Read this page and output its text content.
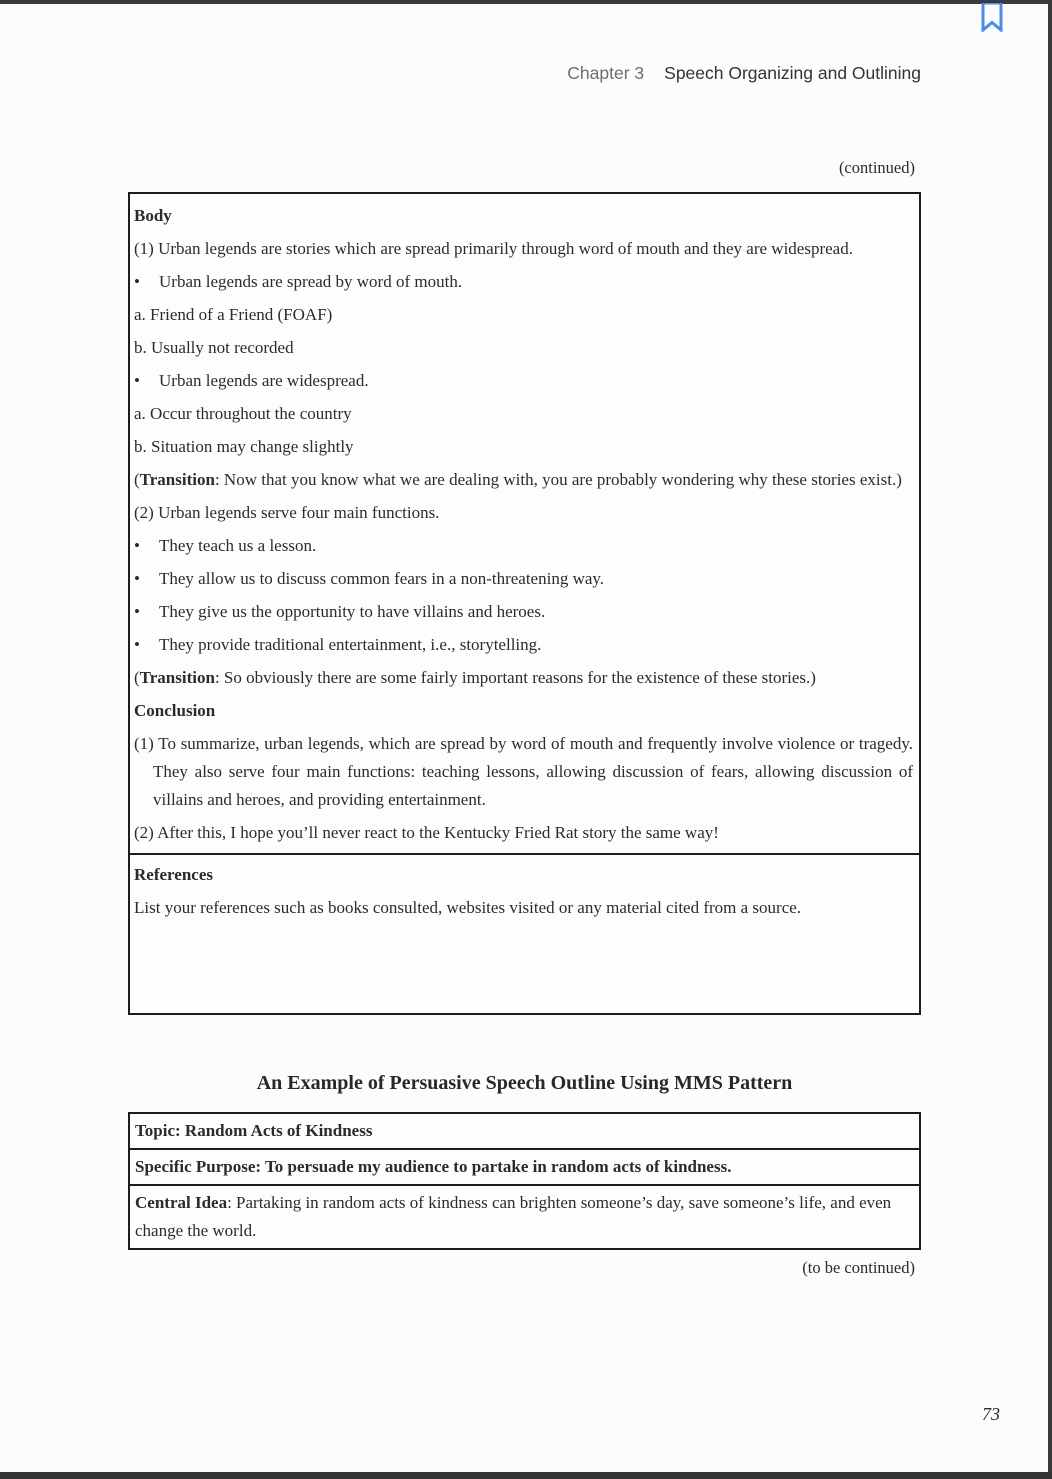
Chapter 3 Speech Organizing and Outlining
(continued)

Body

(1) Urban legends are stories which are spread primarily through word of mouth and they are widespread.

• Urban legends are spread by word of mouth.

a. Friend of a Friend (FOAF)

b. Usually not recorded

• Urban legends are widespread.

a. Occur throughout the country

b. Situation may change slightly

(Transition: Now that you know what we are dealing with, you are probably wondering why these stories exist.)

(2) Urban legends serve four main functions.

• They teach us a lesson.

• They allow us to discuss common fears in a non-threatening way.

• They give us the opportunity to have villains and heroes.

• They provide traditional entertainment, i.e., storytelling.

(Transition: So obviously there are some fairly important reasons for the existence of these stories.)

Conclusion

(1) To summarize, urban legends, which are spread by word of mouth and frequently involve violence or tragedy. They also serve four main functions: teaching lessons, allowing discussion of fears, allowing discussion of villains and heroes, and providing entertainment.

(2) After this, I hope you’ll never react to the Kentucky Fried Rat story the same way!

References

List your references such as books consulted, websites visited or any material cited from a source.

An Example of Persuasive Speech Outline Using MMS Pattern
Topic: Random Acts of Kindness
Specific Purpose: To persuade my audience to partake in random acts of kindness.
Central Idea: Partaking in random acts of kindness can brighten someone’s day, save someone’s life, and even change the world.
(to be continued)
73
